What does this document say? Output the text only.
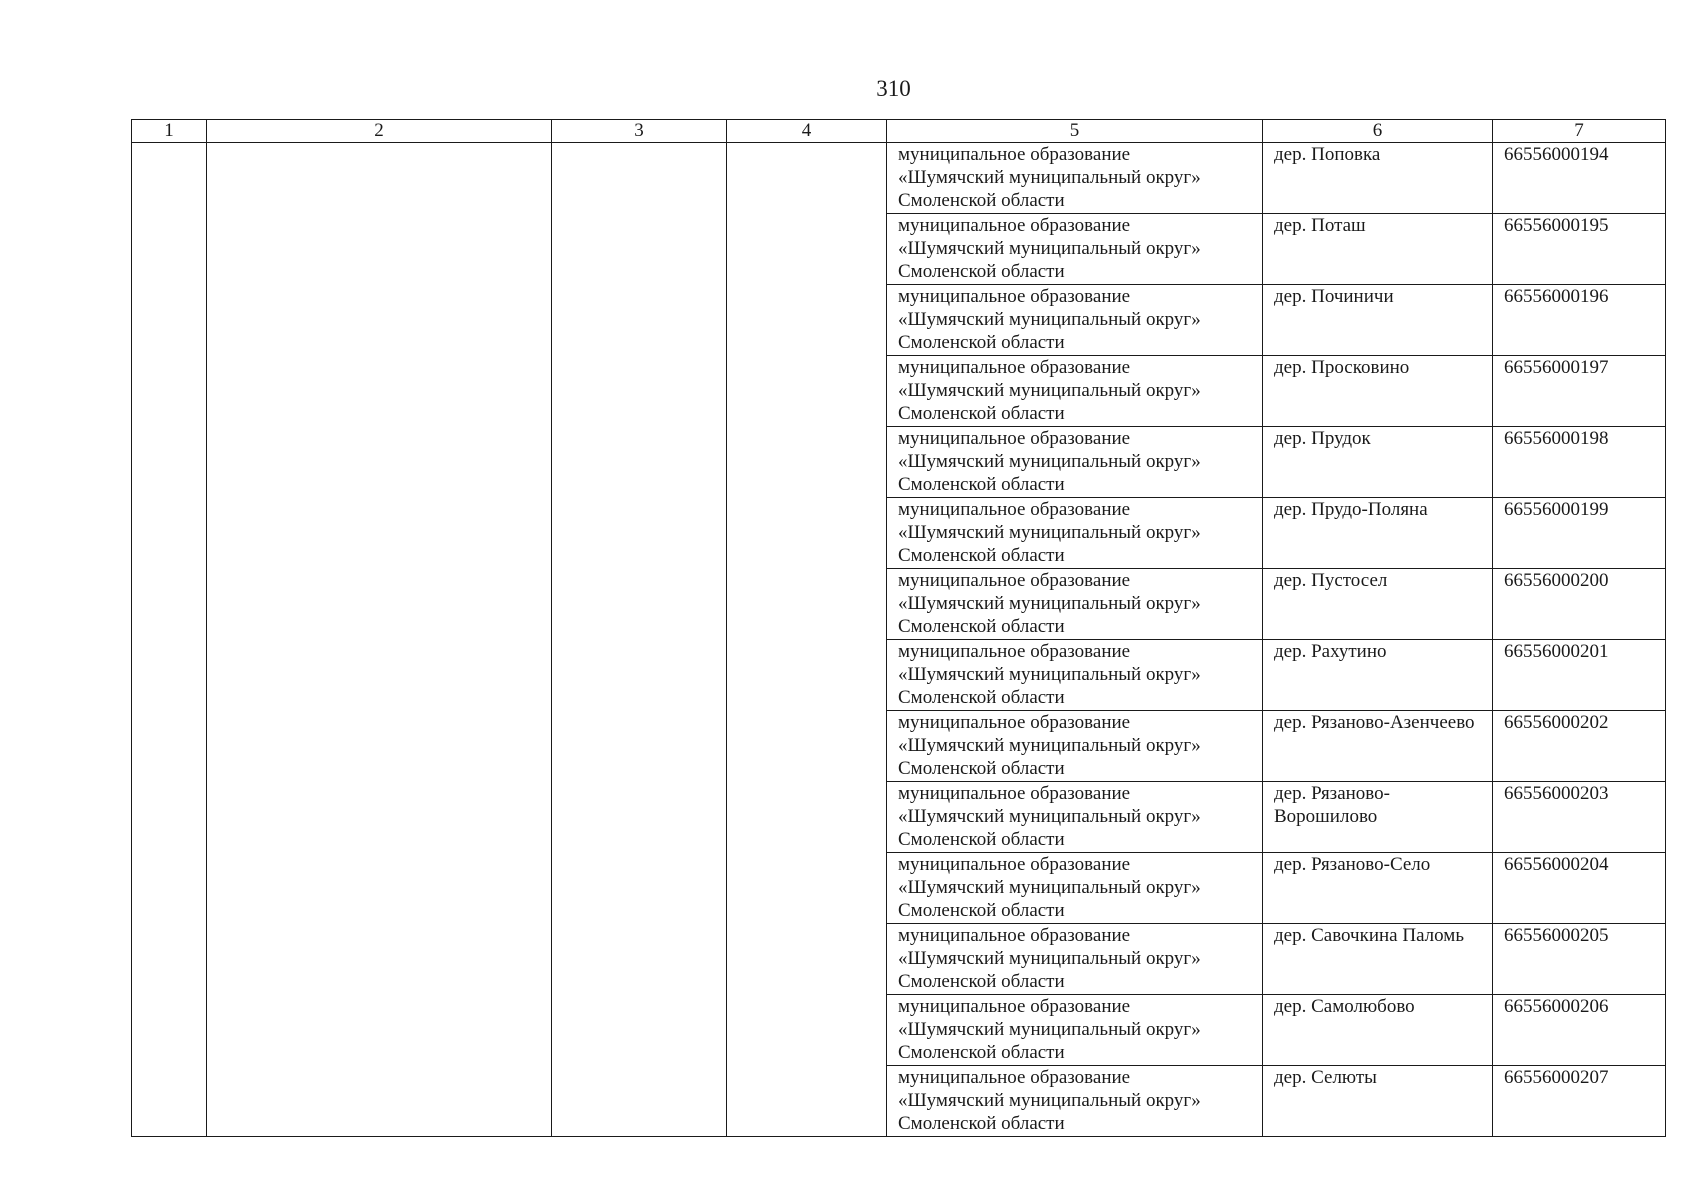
310
1	2	3	4	5	6	7

				муниципальное образование
«Шумячский муниципальный округ»
Смоленской области	дер. Поповка	66556000194

				муниципальное образование
«Шумячский муниципальный округ»
Смоленской области	дер. Поташ	66556000195

				муниципальное образование
«Шумячский муниципальный округ»
Смоленской области	дер. Починичи	66556000196

				муниципальное образование
«Шумячский муниципальный округ»
Смоленской области	дер. Просковино	66556000197

				муниципальное образование
«Шумячский муниципальный округ»
Смоленской области	дер. Прудок	66556000198

				муниципальное образование
«Шумячский муниципальный округ»
Смоленской области	дер. Прудо-Поляна	66556000199

				муниципальное образование
«Шумячский муниципальный округ»
Смоленской области	дер. Пустосел	66556000200

				муниципальное образование
«Шумячский муниципальный округ»
Смоленской области	дер. Рахутино	66556000201

				муниципальное образование
«Шумячский муниципальный округ»
Смоленской области	дер. Рязаново-Азенчеево	66556000202

				муниципальное образование
«Шумячский муниципальный округ»
Смоленской области	дер. Рязаново-Ворошилово	66556000203

				муниципальное образование
«Шумячский муниципальный округ»
Смоленской области	дер. Рязаново-Село	66556000204

				муниципальное образование
«Шумячский муниципальный округ»
Смоленской области	дер. Савочкина Паломь	66556000205

				муниципальное образование
«Шумячский муниципальный округ»
Смоленской области	дер. Самолюбово	66556000206

				муниципальное образование
«Шумячский муниципальный округ»
Смоленской области	дер. Селюты	66556000207
